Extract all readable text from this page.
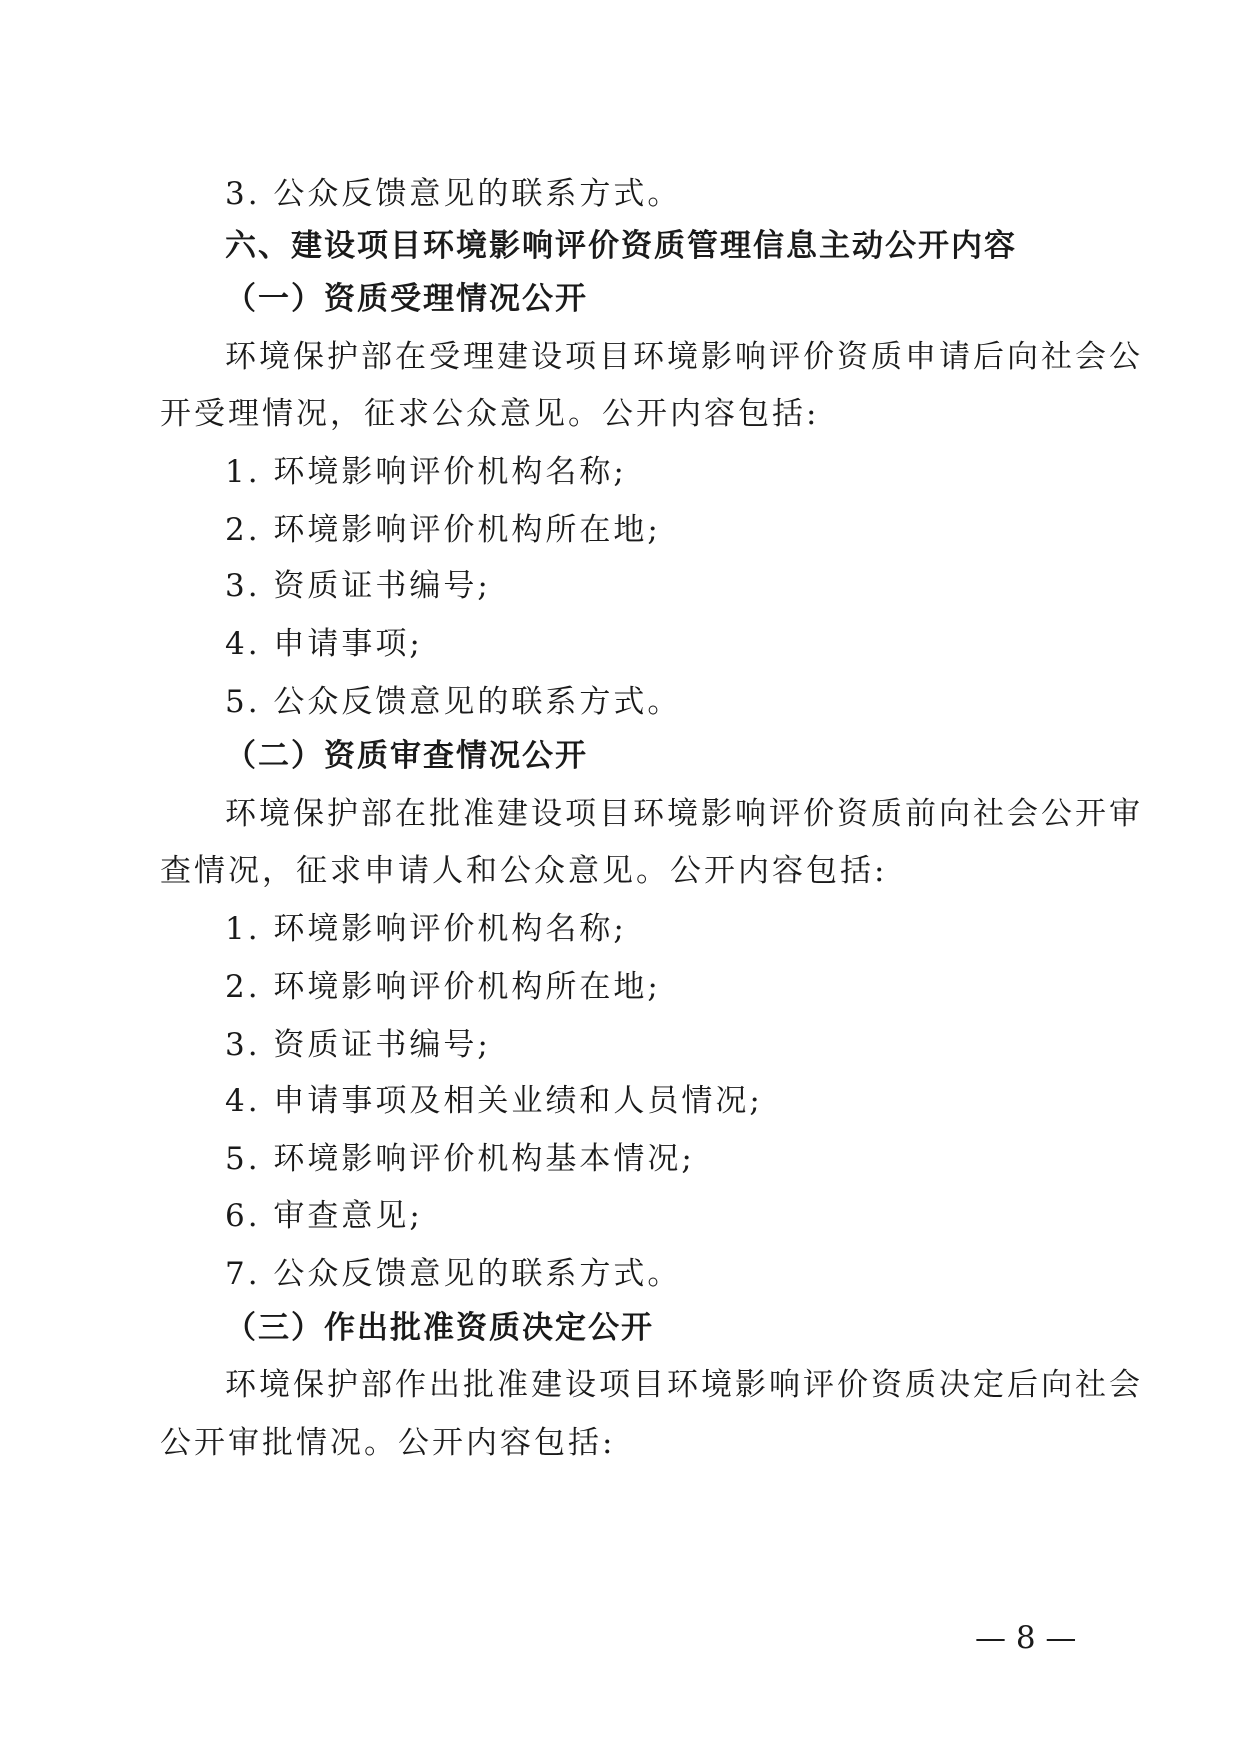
3. 公众反馈意见的联系方式。
六、建设项目环境影响评价资质管理信息主动公开内容
（一）资质受理情况公开
环境保护部在受理建设项目环境影响评价资质申请后向社会公
开受理情况，征求公众意见。公开内容包括:
1. 环境影响评价机构名称;
2. 环境影响评价机构所在地;
3. 资质证书编号;
4. 申请事项;
5. 公众反馈意见的联系方式。
（二）资质审查情况公开
环境保护部在批准建设项目环境影响评价资质前向社会公开审
查情况，征求申请人和公众意见。公开内容包括:
1. 环境影响评价机构名称;
2. 环境影响评价机构所在地;
3. 资质证书编号;
4. 申请事项及相关业绩和人员情况;
5. 环境影响评价机构基本情况;
6. 审查意见;
7. 公众反馈意见的联系方式。
（三）作出批准资质决定公开
环境保护部作出批准建设项目环境影响评价资质决定后向社会
公开审批情况。公开内容包括:
— 8 —
